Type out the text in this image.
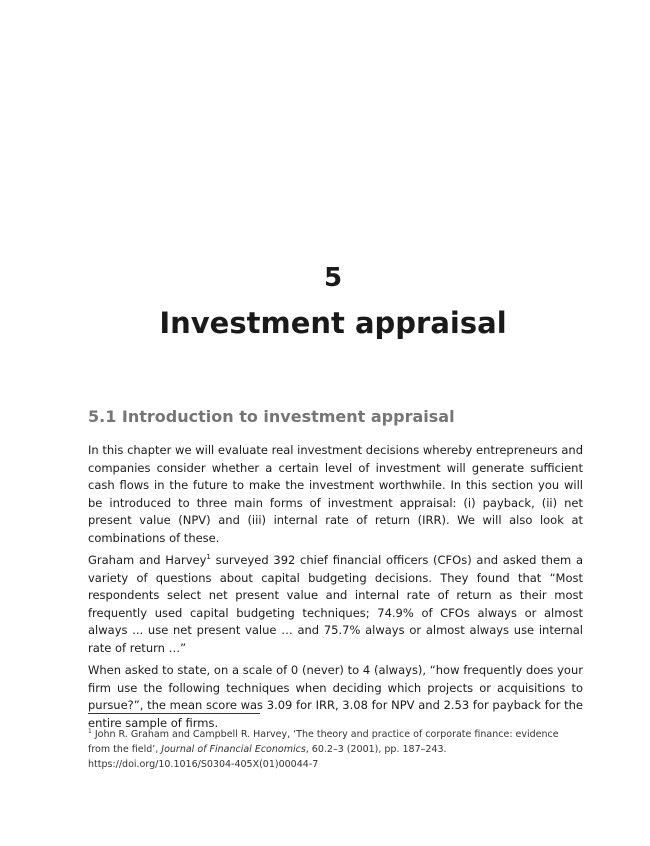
5
Investment appraisal
5.1 Introduction to investment appraisal

In this chapter we will evaluate real investment decisions whereby entrepreneurs and companies consider whether a certain level of investment will generate sufficient cash flows in the future to make the investment worthwhile. In this section you will be introduced to three main forms of investment appraisal: (i) payback, (ii) net present value (NPV) and (iii) internal rate of return (IRR). We will also look at combinations of these.

Graham and Harvey$^1$ surveyed 392 chief financial officers (CFOs) and asked them a variety of questions about capital budgeting decisions. They found that “Most respondents select net present value and internal rate of return as their most frequently used capital budgeting techniques; 74.9% of CFOs always or almost always ... use net present value … and 75.7% always or almost always use internal rate of return …”

When asked to state, on a scale of 0 (never) to 4 (always), “how frequently does your firm use the following techniques when deciding which projects or acquisitions to pursue?”, the mean score was 3.09 for IRR, 3.08 for NPV and 2.53 for payback for the entire sample of firms.

$^1$ John R. Graham and Campbell R. Harvey, ‘The theory and practice of corporate finance: evidence from the field’, Journal of Financial Economics, 60.2–3 (2001), pp. 187–243. https://doi.org/10.1016/S0304-405X(01)00044-7
